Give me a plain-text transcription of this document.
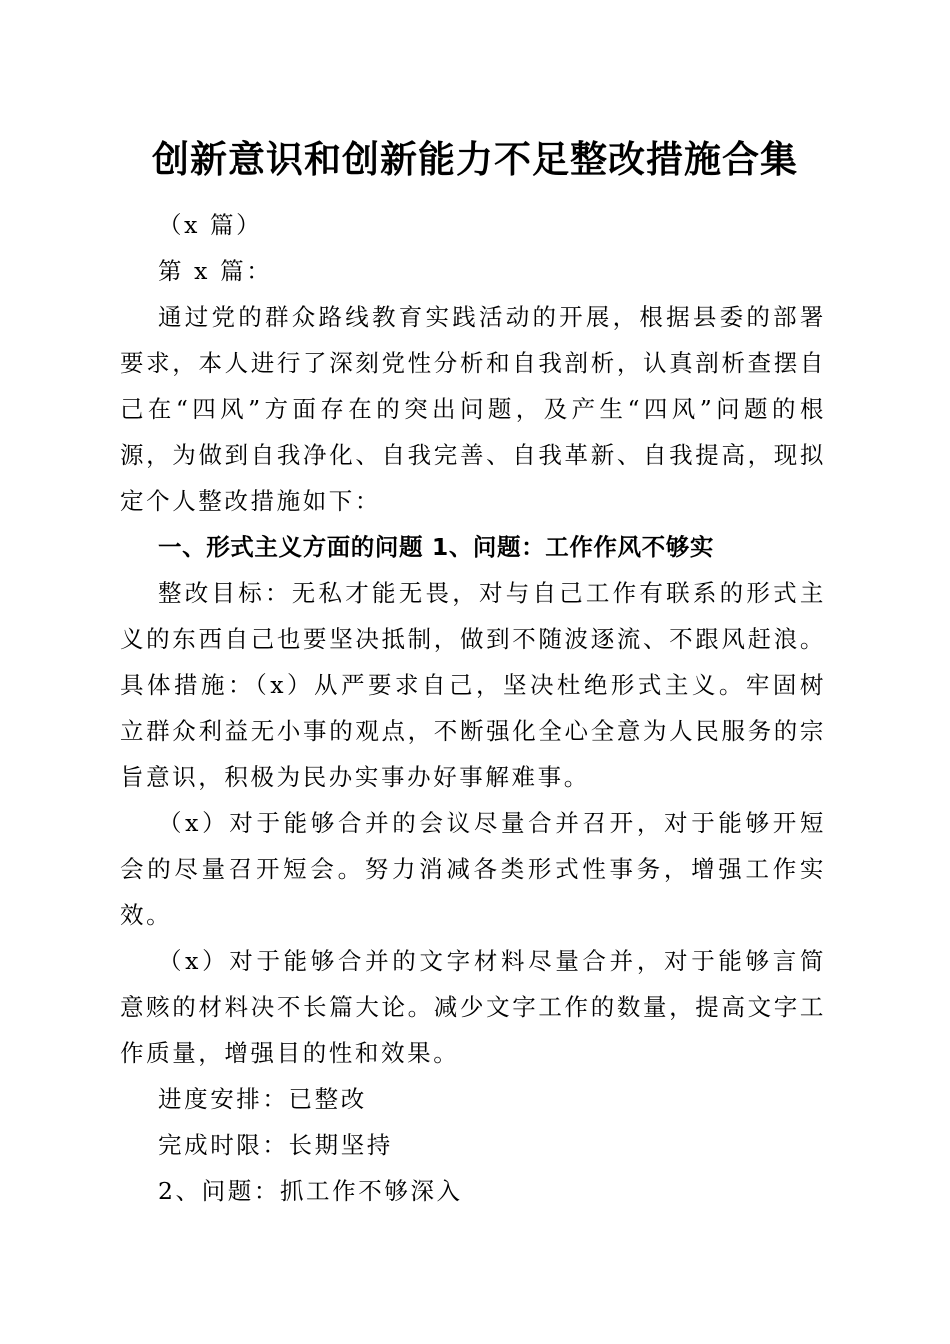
创新意识和创新能力不足整改措施合集

（x 篇）

第 x 篇：

通过党的群众路线教育实践活动的开展，根据县委的部署要求，本人进行了深刻党性分析和自我剖析，认真剖析查摆自己在“四风”方面存在的突出问题，及产生“四风”问题的根源，为做到自我净化、自我完善、自我革新、自我提高，现拟定个人整改措施如下：

一、形式主义方面的问题 1、问题：工作作风不够实

整改目标：无私才能无畏，对与自己工作有联系的形式主义的东西自己也要坚决抵制，做到不随波逐流、不跟风赶浪。具体措施：（x）从严要求自己，坚决杜绝形式主义。牢固树立群众利益无小事的观点，不断强化全心全意为人民服务的宗旨意识，积极为民办实事办好事解难事。

（x）对于能够合并的会议尽量合并召开，对于能够开短会的尽量召开短会。努力消减各类形式性事务，增强工作实效。

（x）对于能够合并的文字材料尽量合并，对于能够言简意赅的材料决不长篇大论。减少文字工作的数量，提高文字工作质量，增强目的性和效果。

进度安排：已整改

完成时限：长期坚持

2、问题：抓工作不够深入
